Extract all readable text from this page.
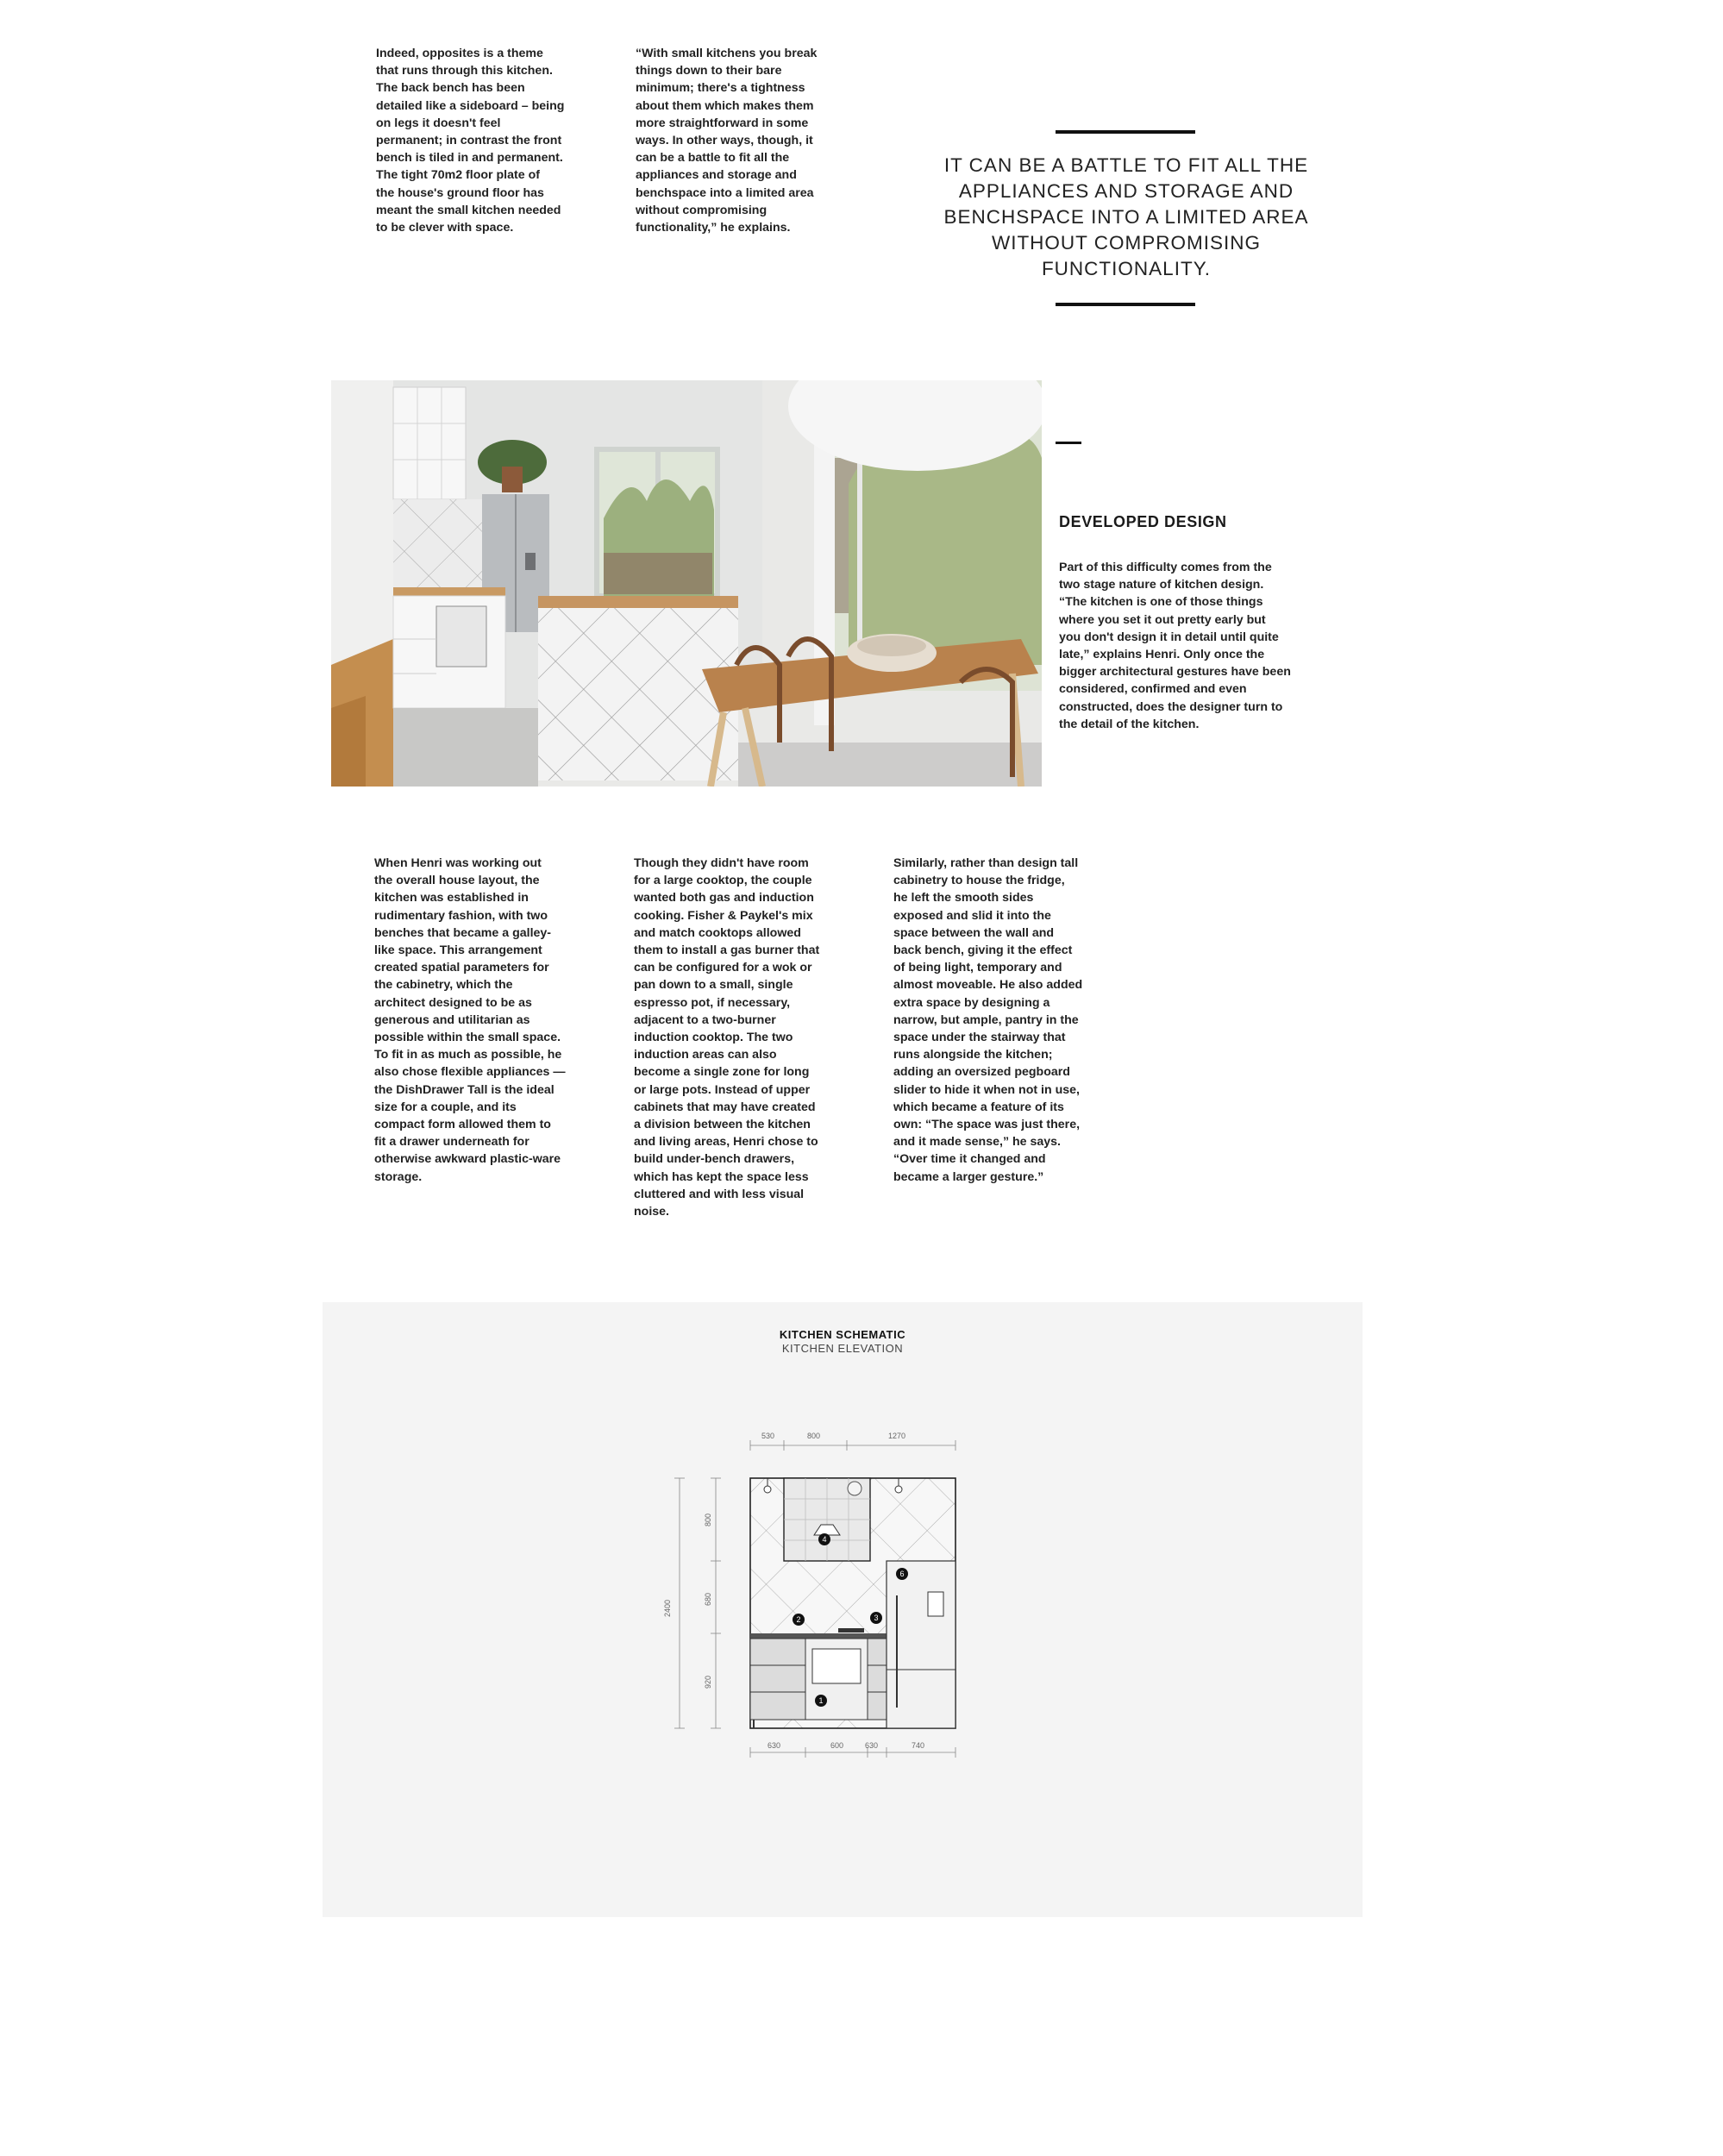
Indeed, opposites is a theme
that runs through this kitchen.
The back bench has been
detailed like a sideboard – being
on legs it doesn't feel
permanent; in contrast the front
bench is tiled in and permanent.
The tight 70m2 floor plate of
the house's ground floor has
meant the small kitchen needed
to be clever with space.
“With small kitchens you break
things down to their bare
minimum; there's a tightness
about them which makes them
more straightforward in some
ways. In other ways, though, it
can be a battle to fit all the
appliances and storage and
benchspace into a limited area
without compromising
functionality,” he explains.
IT CAN BE A BATTLE TO FIT ALL THE
APPLIANCES AND STORAGE AND
BENCHSPACE INTO A LIMITED AREA
WITHOUT COMPROMISING
FUNCTIONALITY.
DEVELOPED DESIGN
Part of this difficulty comes from the
two stage nature of kitchen design.
“The kitchen is one of those things
where you set it out pretty early but
you don't design it in detail until quite
late,” explains Henri. Only once the
bigger architectural gestures have been
considered, confirmed and even
constructed, does the designer turn to
the detail of the kitchen.
When Henri was working out
the overall house layout, the
kitchen was established in
rudimentary fashion, with two
benches that became a galley-
like space. This arrangement
created spatial parameters for
the cabinetry, which the
architect designed to be as
generous and utilitarian as
possible within the small space.
To fit in as much as possible, he
also chose flexible appliances —
the DishDrawer Tall is the ideal
size for a couple, and its
compact form allowed them to
fit a drawer underneath for
otherwise awkward plastic-ware
storage.
Though they didn't have room
for a large cooktop, the couple
wanted both gas and induction
cooking. Fisher & Paykel's mix
and match cooktops allowed
them to install a gas burner that
can be configured for a wok or
pan down to a small, single
espresso pot, if necessary,
adjacent to a two-burner
induction cooktop. The two
induction areas can also
become a single zone for long
or large pots. Instead of upper
cabinets that may have created
a division between the kitchen
and living areas, Henri chose to
build under-bench drawers,
which has kept the space less
cluttered and with less visual
noise.
Similarly, rather than design tall
cabinetry to house the fridge,
he left the smooth sides
exposed and slid it into the
space between the wall and
back bench, giving it the effect
of being light, temporary and
almost moveable. He also added
extra space by designing a
narrow, but ample, pantry in the
space under the stairway that
runs alongside the kitchen;
adding an oversized pegboard
slider to hide it when not in use,
which became a feature of its
own: “The space was just there,
and it made sense,” he says.
“Over time it changed and
became a larger gesture.”
KITCHEN SCHEMATIC
KITCHEN ELEVATION
530	800	1270
2400
800
680
920
1
2	3
4
6
630	600	630	740
